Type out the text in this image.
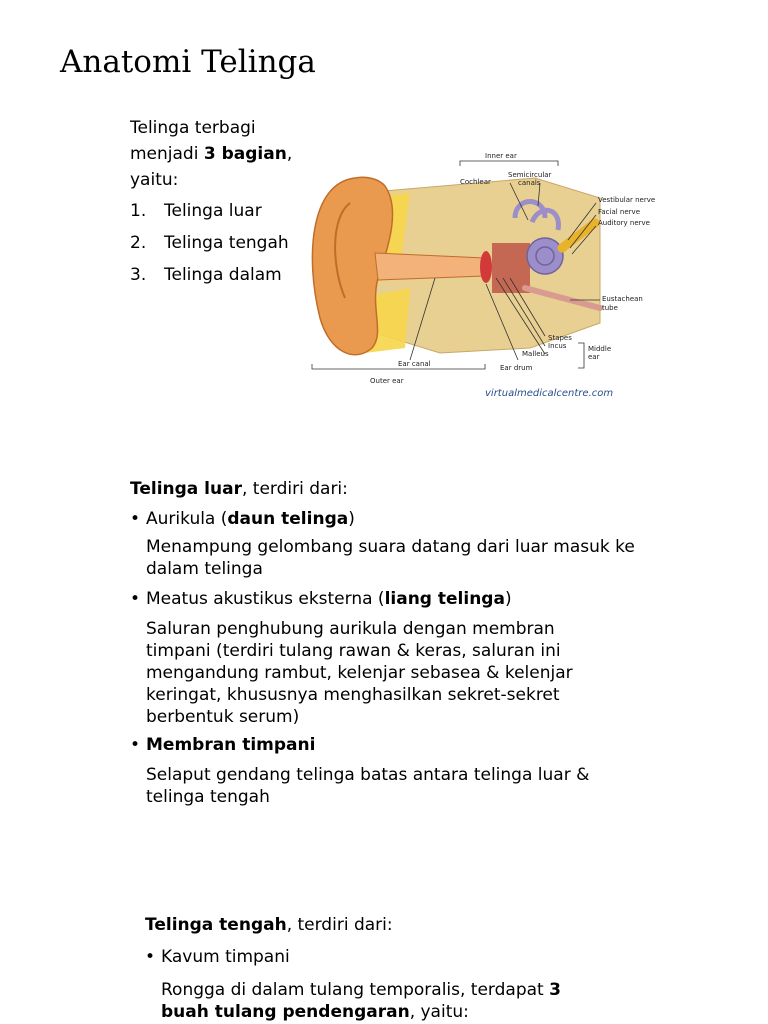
Anatomi Telinga
Telinga terbagi menjadi 3 bagian, yaitu:
1. Telinga luar
2. Telinga tengah
3. Telinga dalam
Inner ear
Cochlear
Semicircular
canals
Vestibular nerve
Facial nerve
Auditory nerve
Eustachean
tube
Stapes
Incus
Malleus
Middle
ear
Ear canal	Ear drum
Outer ear
virtualmedicalcentre.com
Telinga luar, terdiri dari:
• Aurikula (daun telinga)
Menampung gelombang suara datang dari luar masuk ke dalam telinga
• Meatus akustikus eksterna (liang telinga)
Saluran penghubung aurikula dengan membran timpani (terdiri tulang rawan & keras, saluran ini mengandung rambut, kelenjar sebasea & kelenjar keringat, khususnya menghasilkan sekret-sekret berbentuk serum)
• Membran timpani
Selaput gendang telinga batas antara telinga luar & telinga tengah
Telinga tengah, terdiri dari:
• Kavum timpani
Rongga di dalam tulang temporalis, terdapat 3 buah tulang pendengaran, yaitu:
